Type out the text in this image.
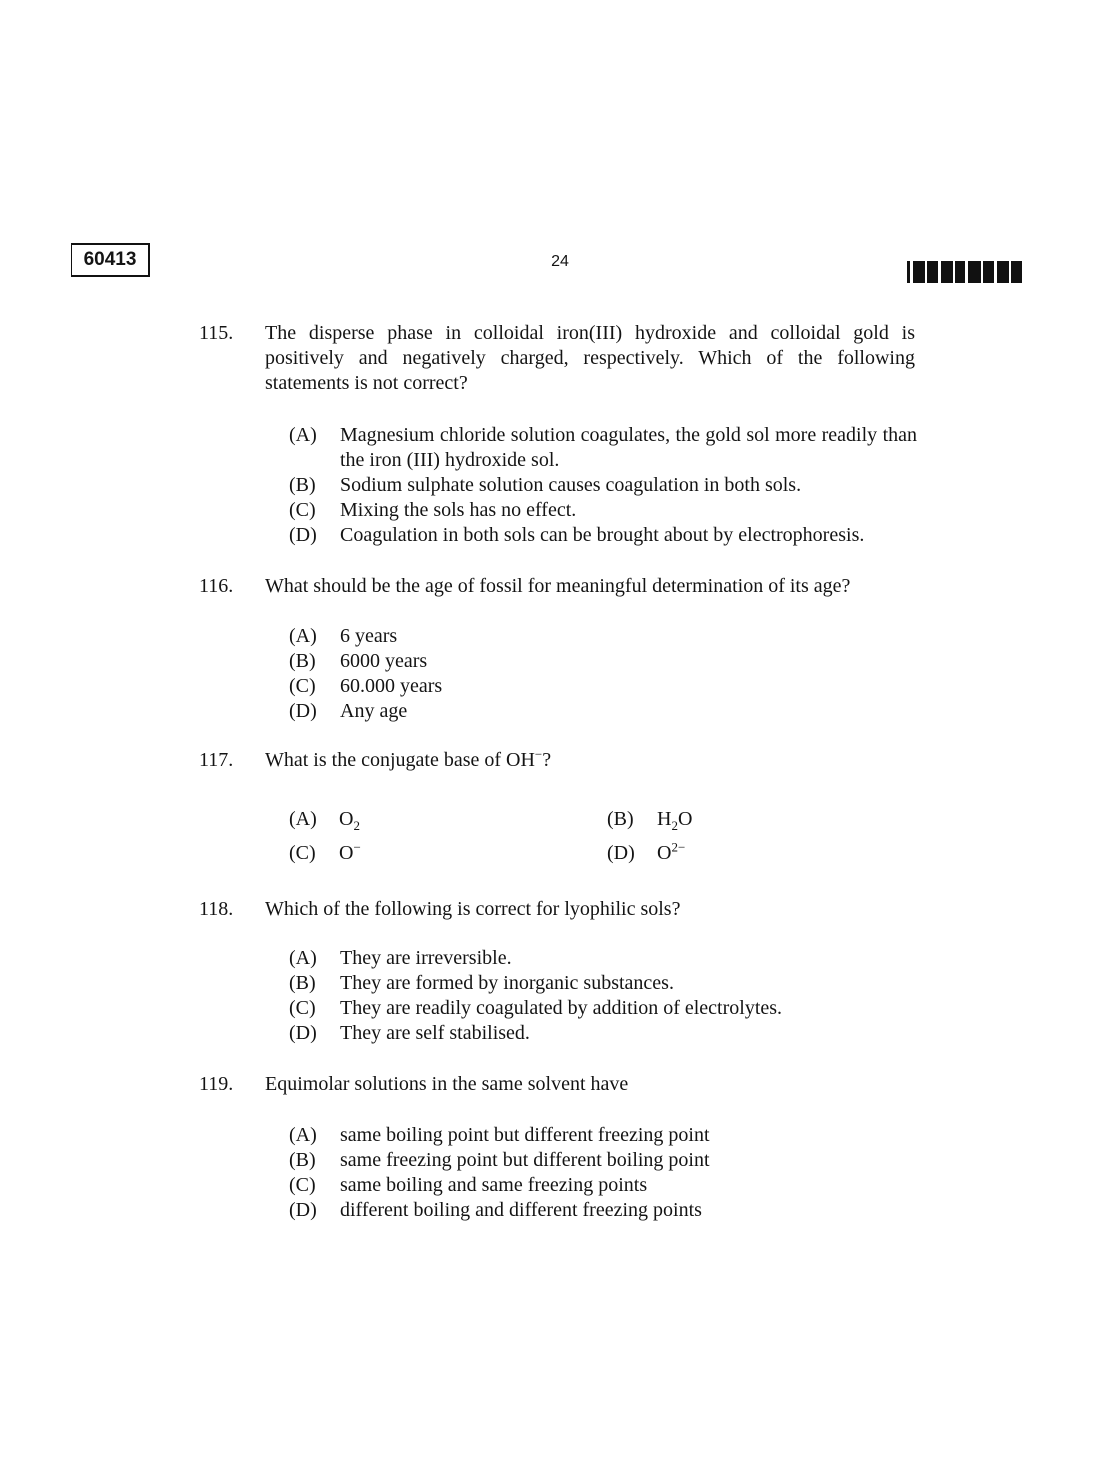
60413	24
115.	The disperse phase in colloidal iron(III) hydroxide and colloidal gold is positively and negatively charged, respectively. Which of the following statements is not correct?
(A)	Magnesium chloride solution coagulates, the gold sol more readily than the iron (III) hydroxide sol.
(B)	Sodium sulphate solution causes coagulation in both sols.
(C)	Mixing the sols has no effect.
(D)	Coagulation in both sols can be brought about by electrophoresis.
116.	What should be the age of fossil for meaningful determination of its age?
(A)	6 years
(B)	6000 years
(C)	60.000 years
(D)	Any age
117.	What is the conjugate base of OH−?
(A)	$O_2$	(B)	$H_2O$
(C)	O−	(D)	$O^{2-}$
118.	Which of the following is correct for lyophilic sols?
(A)	They are irreversible.
(B)	They are formed by inorganic substances.
(C)	They are readily coagulated by addition of electrolytes.
(D)	They are self stabilised.
119.	Equimolar solutions in the same solvent have
(A)	same boiling point but different freezing point
(B)	same freezing point but different boiling point
(C)	same boiling and same freezing points
(D)	different boiling and different freezing points
